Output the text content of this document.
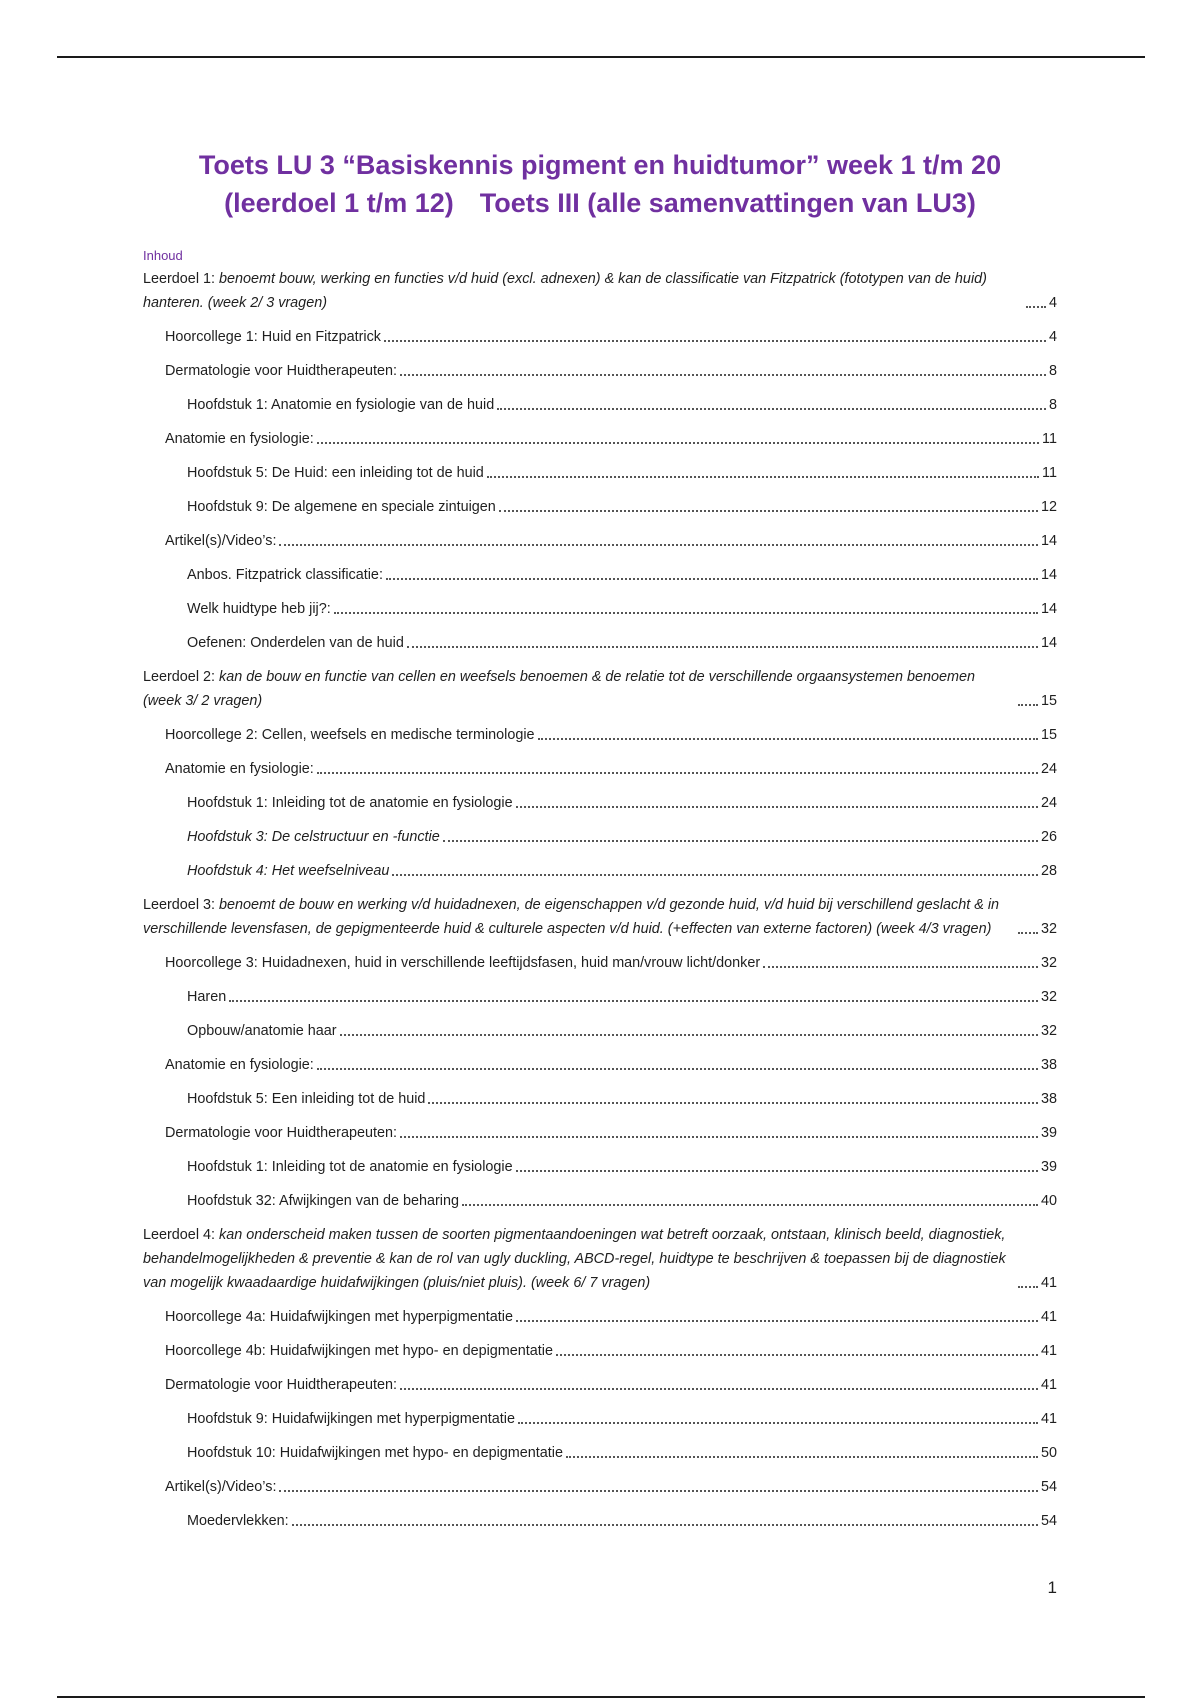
Toets LU 3 “Basiskennis pigment en huidtumor” week 1 t/m 20
(leerdoel 1 t/m 12) Toets III (alle samenvattingen van LU3)
Inhoud
Leerdoel 1: benoemt bouw, werking en functies v/d huid (excl. adnexen) & kan de classificatie van Fitzpatrick (fototypen van de huid) hanteren. (week 2/ 3 vragen)	4
Hoorcollege 1: Huid en Fitzpatrick	4
Dermatologie voor Huidtherapeuten:	8
Hoofdstuk 1: Anatomie en fysiologie van de huid	8
Anatomie en fysiologie:	11
Hoofdstuk 5: De Huid: een inleiding tot de huid	11
Hoofdstuk 9: De algemene en speciale zintuigen	12
Artikel(s)/Video’s:	14
Anbos. Fitzpatrick classificatie:	14
Welk huidtype heb jij?:	14
Oefenen: Onderdelen van de huid	14
Leerdoel 2: kan de bouw en functie van cellen en weefsels benoemen & de relatie tot de verschillende orgaansystemen benoemen (week 3/ 2 vragen)	15
Hoorcollege 2: Cellen, weefsels en medische terminologie	15
Anatomie en fysiologie:	24
Hoofdstuk 1: Inleiding tot de anatomie en fysiologie	24
Hoofdstuk 3: De celstructuur en -functie	26
Hoofdstuk 4: Het weefselniveau	28
Leerdoel 3: benoemt de bouw en werking v/d huidadnexen, de eigenschappen v/d gezonde huid, v/d huid bij verschillend geslacht & in verschillende levensfasen, de gepigmenteerde huid & culturele aspecten v/d huid. (+effecten van externe factoren) (week 4/3 vragen)	32
Hoorcollege 3: Huidadnexen, huid in verschillende leeftijdsfasen, huid man/vrouw licht/donker	32
Haren	32
Opbouw/anatomie haar	32
Anatomie en fysiologie:	38
Hoofdstuk 5: Een inleiding tot de huid	38
Dermatologie voor Huidtherapeuten:	39
Hoofdstuk 1: Inleiding tot de anatomie en fysiologie	39
Hoofdstuk 32: Afwijkingen van de beharing	40
Leerdoel 4: kan onderscheid maken tussen de soorten pigmentaandoeningen wat betreft oorzaak, ontstaan, klinisch beeld, diagnostiek, behandelmogelijkheden & preventie & kan de rol van ugly duckling, ABCD-regel, huidtype te beschrijven & toepassen bij de diagnostiek van mogelijk kwaadaardige huidafwijkingen (pluis/niet pluis). (week 6/ 7 vragen)	41
Hoorcollege 4a: Huidafwijkingen met hyperpigmentatie	41
Hoorcollege 4b: Huidafwijkingen met hypo- en depigmentatie	41
Dermatologie voor Huidtherapeuten:	41
Hoofdstuk 9: Huidafwijkingen met hyperpigmentatie	41
Hoofdstuk 10: Huidafwijkingen met hypo- en depigmentatie	50
Artikel(s)/Video’s:	54
Moedervlekken:	54
1
